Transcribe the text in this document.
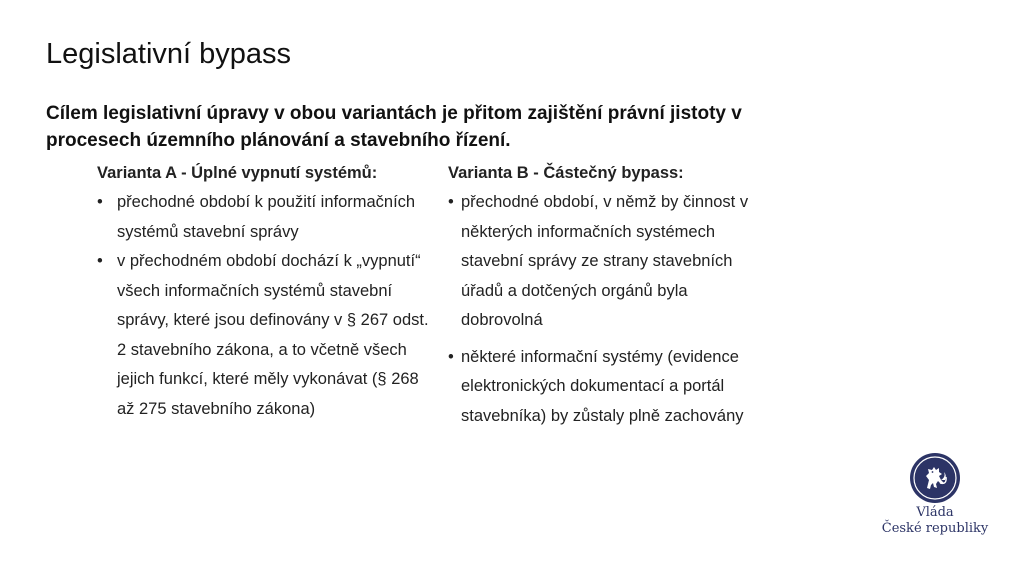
Legislativní bypass

Cílem legislativní úpravy v obou variantách je přitom zajištění právní jistoty v procesech územního plánování a stavebního řízení.

Varianta A - Úplné vypnutí systémů:
• přechodné období k použití informačních systémů stavební správy
• v přechodném období dochází k „vypnutí“ všech informačních systémů stavební správy, které jsou definovány v § 267 odst. 2 stavebního zákona, a to včetně všech jejich funkcí, které měly vykonávat (§ 268 až 275 stavebního zákona)
Varianta B - Částečný bypass:
• přechodné období, v němž by činnost v některých informačních systémech stavební správy ze strany stavebních úřadů a dotčených orgánů byla dobrovolná
• některé informační systémy (evidence elektronických dokumentací a portál stavebníka) by zůstaly plně zachovány
Vláda
České republiky
